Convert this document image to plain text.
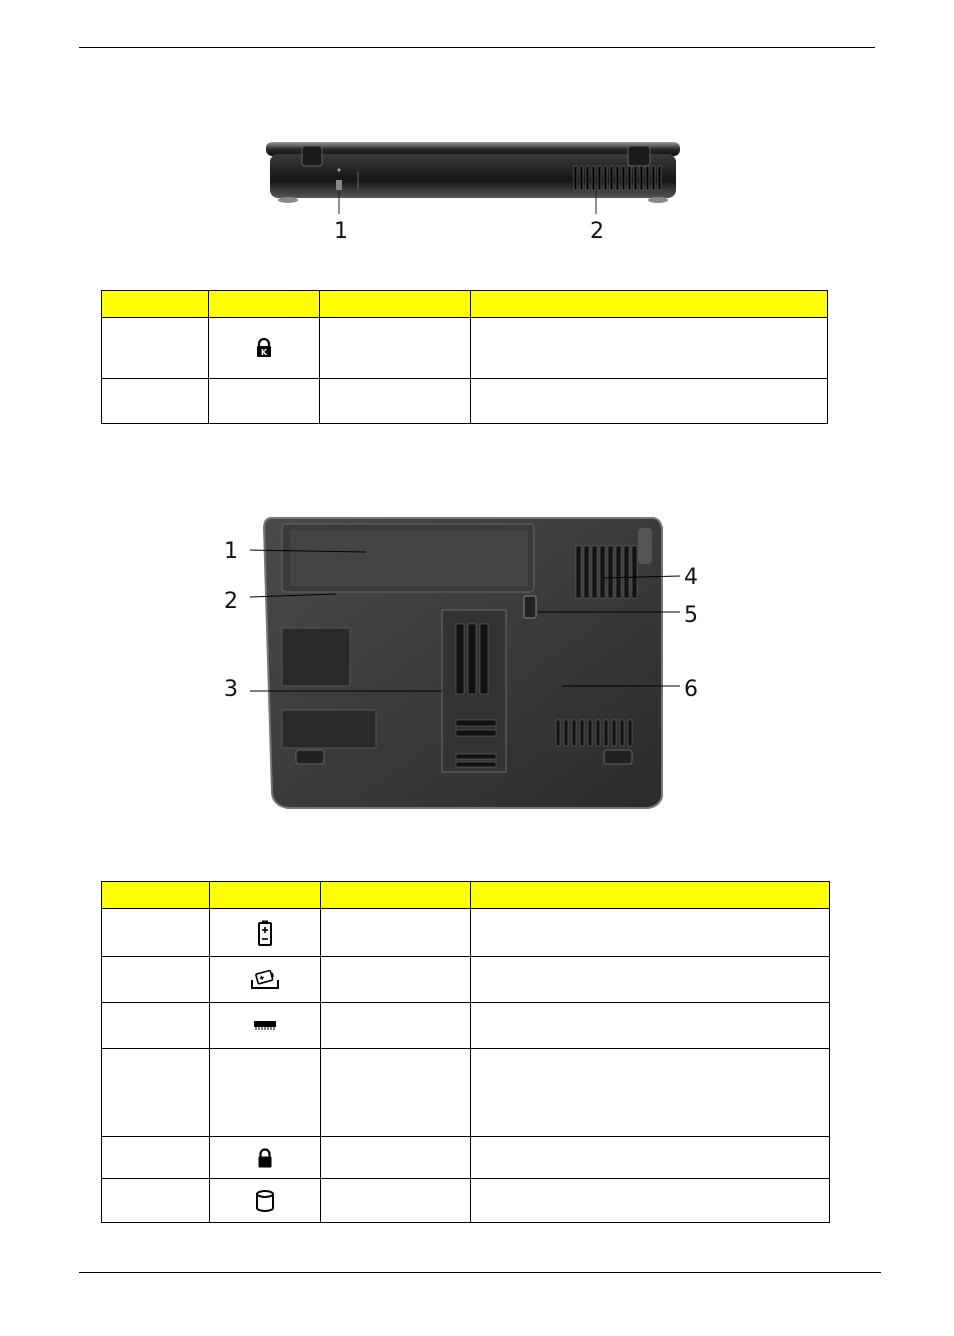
1	2

K		

1
2
3
4
5
6
